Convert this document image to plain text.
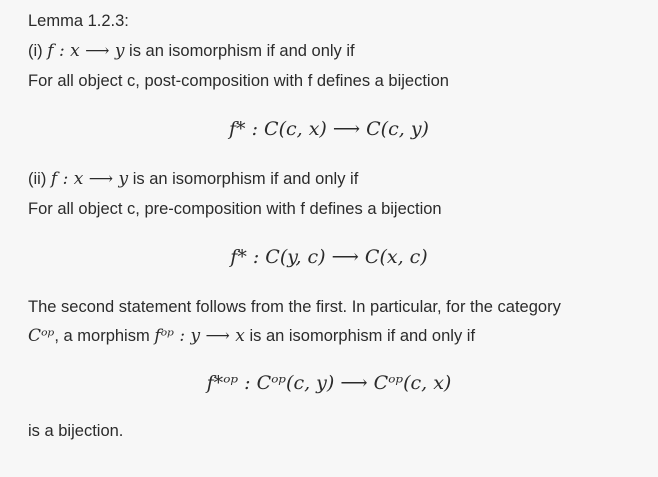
Lemma 1.2.3:
(i) f : x ⟶ y is an isomorphism if and only if
For all object c, post-composition with f defines a bijection
f* : C(c, x) ⟶ C(c, y)
(ii) f : x ⟶ y is an isomorphism if and only if
For all object c, pre-composition with f defines a bijection
f* : C(y, c) ⟶ C(x, c)
The second statement follows from the first. In particular, for the category
Cᵒᵖ, a morphism fᵒᵖ : y ⟶ x is an isomorphism if and only if
f*ᵒᵖ : Cᵒᵖ(c, y) ⟶ Cᵒᵖ(c, x)
is a bijection.
